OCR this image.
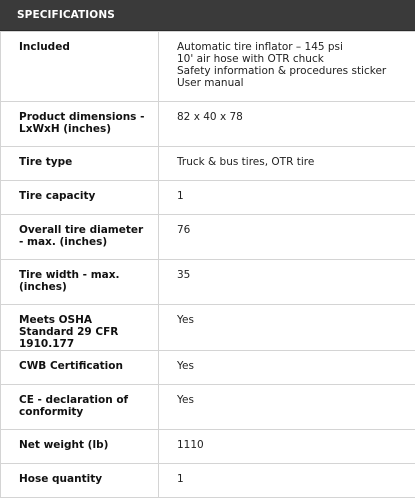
SPECIFICATIONS
Included	Automatic tire inflator – 145 psi
10' air hose with OTR chuck
Safety information & procedures sticker
User manual

Product dimensions - LxWxH (inches)	82 x 40 x 78

Tire type	Truck & bus tires, OTR tire

Tire capacity	1

Overall tire diameter - max. (inches)	76

Tire width - max. (inches)	35

Meets OSHA Standard 29 CFR 1910.177	Yes

CWB Certification	Yes

CE - declaration of conformity	Yes

Net weight (lb)	1110

Hose quantity	1
